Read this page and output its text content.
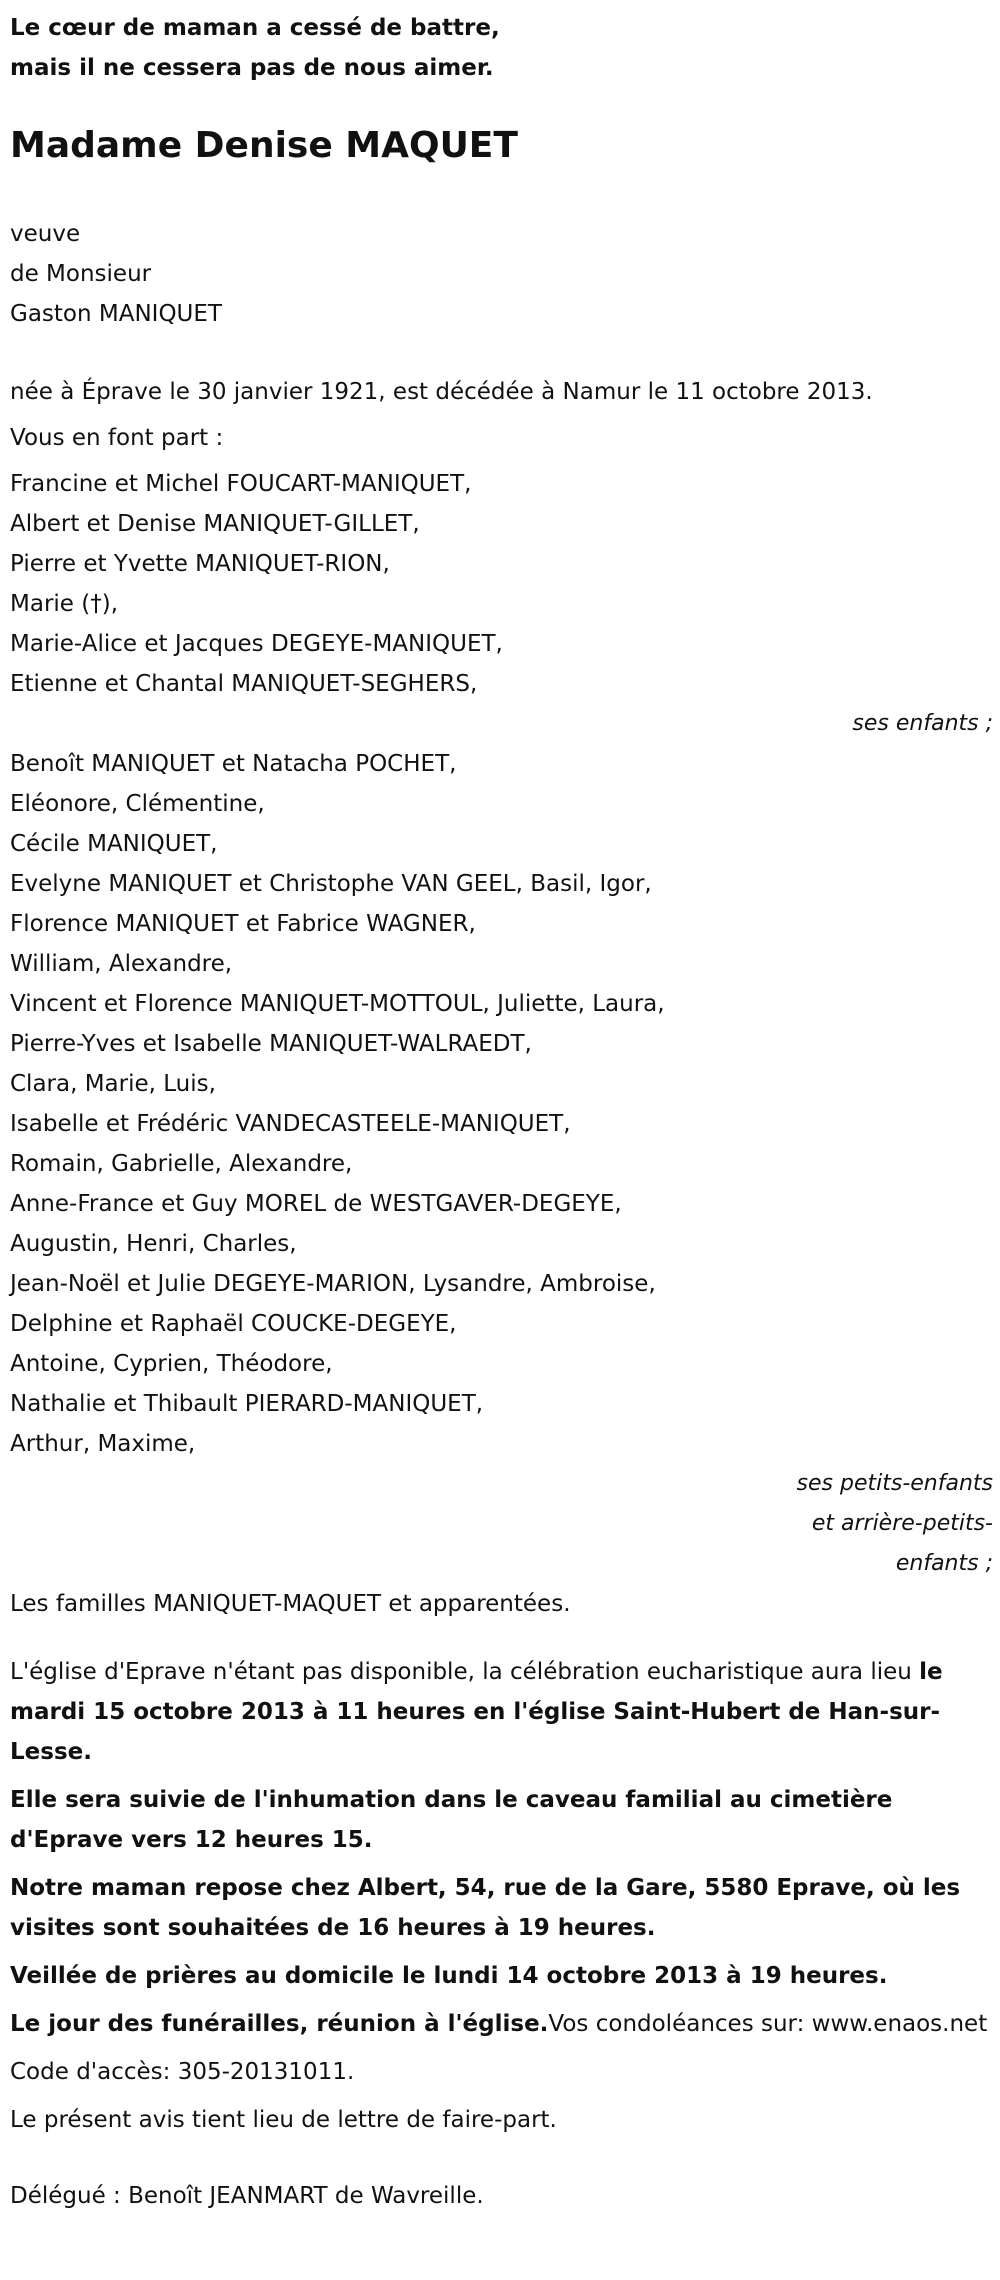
Le cœur de maman a cessé de battre,

mais il ne cessera pas de nous aimer.

Madame Denise MAQUET

veuve

de Monsieur

Gaston MANIQUET

née à Éprave le 30 janvier 1921, est décédée à Namur le 11 octobre 2013.

Vous en font part :

Francine et Michel FOUCART-MANIQUET,

Albert et Denise MANIQUET-GILLET,

Pierre et Yvette MANIQUET-RION,

Marie (†),

Marie-Alice et Jacques DEGEYE-MANIQUET,

Etienne et Chantal MANIQUET-SEGHERS,

ses enfants ;

Benoît MANIQUET et Natacha POCHET,

Eléonore, Clémentine,

Cécile MANIQUET,

Evelyne MANIQUET et Christophe VAN GEEL, Basil, Igor,

Florence MANIQUET et Fabrice WAGNER,

William, Alexandre,

Vincent et Florence MANIQUET-MOTTOUL, Juliette, Laura,

Pierre-Yves et Isabelle MANIQUET-WALRAEDT,

Clara, Marie, Luis,

Isabelle et Frédéric VANDECASTEELE-MANIQUET,

Romain, Gabrielle, Alexandre,

Anne-France et Guy MOREL de WESTGAVER-DEGEYE,

Augustin, Henri, Charles,

Jean-Noël et Julie DEGEYE-MARION, Lysandre, Ambroise,

Delphine et Raphaël COUCKE-DEGEYE,

Antoine, Cyprien, Théodore,

Nathalie et Thibault PIERARD-MANIQUET,

Arthur, Maxime,

ses petits-enfants
et arrière-petits-
enfants ;

Les familles MANIQUET-MAQUET et apparentées.

L'église d'Eprave n'étant pas disponible, la célébration eucharistique aura lieu le mardi 15 octobre 2013 à 11 heures en l'église Saint-Hubert de Han-sur-Lesse.

Elle sera suivie de l'inhumation dans le caveau familial au cimetière d'Eprave vers 12 heures 15.

Notre maman repose chez Albert, 54, rue de la Gare, 5580 Eprave, où les visites sont souhaitées de 16 heures à 19 heures.

Veillée de prières au domicile le lundi 14 octobre 2013 à 19 heures.

Le jour des funérailles, réunion à l'église.Vos condoléances sur: www.enaos.net

Code d'accès: 305-20131011.

Le présent avis tient lieu de lettre de faire-part.

Délégué : Benoît JEANMART de Wavreille.
